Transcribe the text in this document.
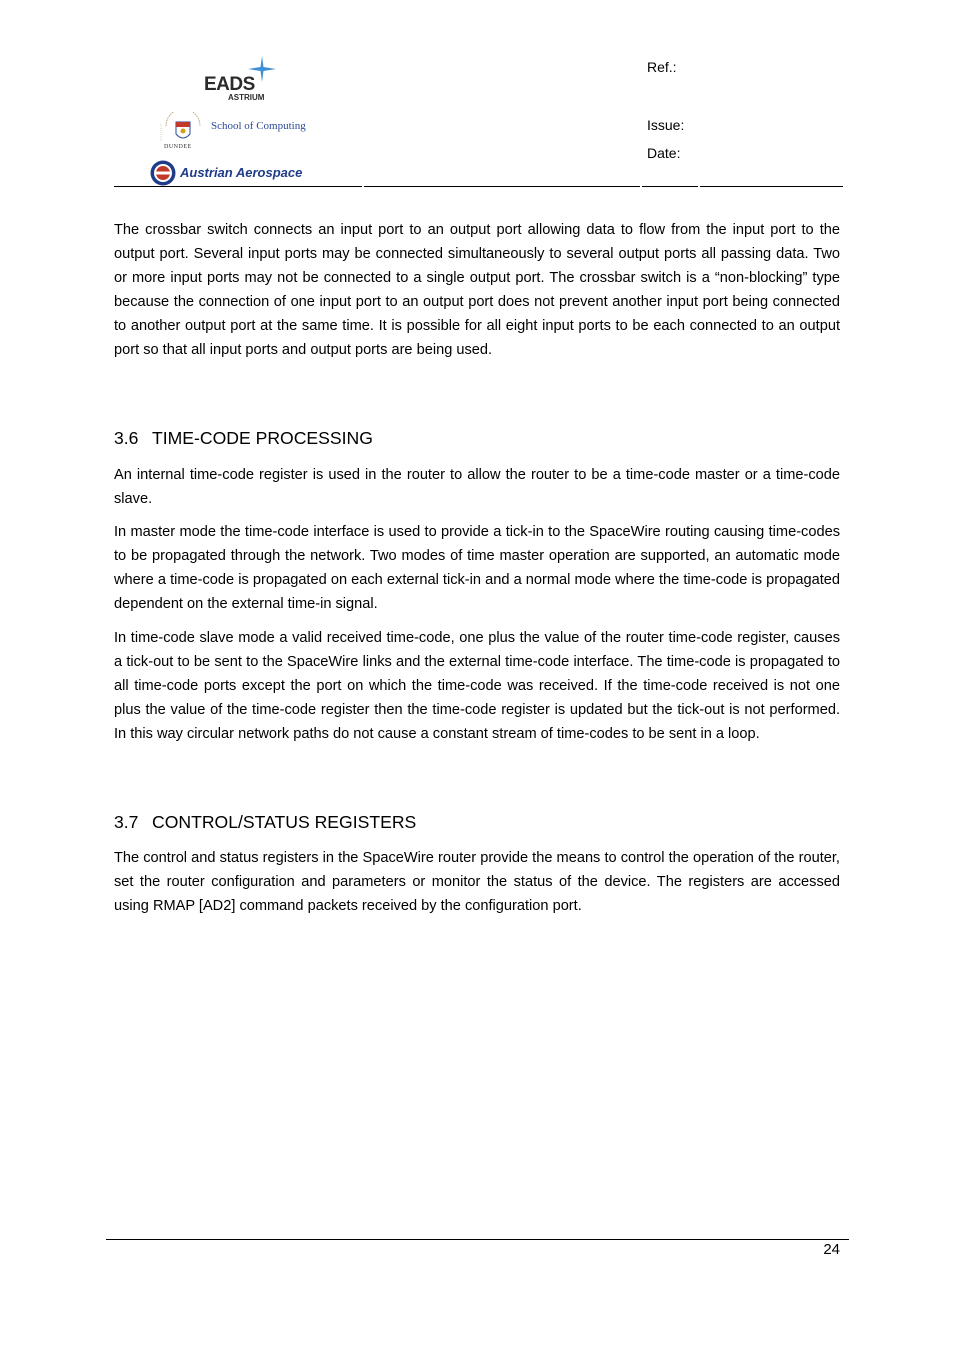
EADS
ASTRIUM
School of Computing
DUNDEE
Austrian Aerospace
Ref.:
Issue:
Date:

The crossbar switch connects an input port to an output port allowing data to flow from the input port to the output port. Several input ports may be connected simultaneously to several output ports all passing data. Two or more input ports may not be connected to a single output port. The crossbar switch is a “non-blocking” type because the connection of one input port to an output port does not prevent another input port being connected to another output port at the same time. It is possible for all eight input ports to be each connected to an output port so that all input ports and output ports are being used.

3.6 TIME-CODE PROCESSING

An internal time-code register is used in the router to allow the router to be a time-code master or a time-code slave.

In master mode the time-code interface is used to provide a tick-in to the SpaceWire routing causing time-codes to be propagated through the network. Two modes of time master operation are supported, an automatic mode where a time-code is propagated on each external tick-in and a normal mode where the time-code is propagated dependent on the external time-in signal.

In time-code slave mode a valid received time-code, one plus the value of the router time-code register, causes a tick-out to be sent to the SpaceWire links and the external time-code interface. The time-code is propagated to all time-code ports except the port on which the time-code was received. If the time-code received is not one plus the value of the time-code register then the time-code register is updated but the tick-out is not performed. In this way circular network paths do not cause a constant stream of time-codes to be sent in a loop.

3.7 CONTROL/STATUS REGISTERS

The control and status registers in the SpaceWire router provide the means to control the operation of the router, set the router configuration and parameters or monitor the status of the device. The registers are accessed using RMAP [AD2] command packets received by the configuration port.

24
